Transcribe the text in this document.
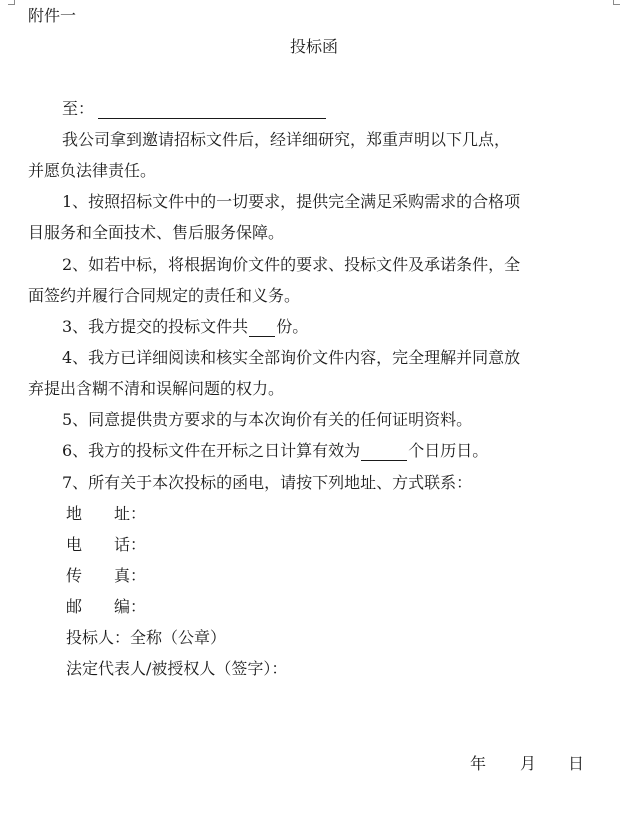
附件一
投标函
至：
我公司拿到邀请招标文件后，经详细研究，郑重声明以下几点，
并愿负法律责任。
1、按照招标文件中的一切要求，提供完全满足采购需求的合格项
目服务和全面技术、售后服务保障。
2、如若中标，将根据询价文件的要求、投标文件及承诺条件，全
面签约并履行合同规定的责任和义务。
3、我方提交的投标文件共 份。
4、我方已详细阅读和核实全部询价文件内容，完全理解并同意放
弃提出含糊不清和误解问题的权力。
5、同意提供贵方要求的与本次询价有关的任何证明资料。
6、我方的投标文件在开标之日计算有效为	个日历日。
7、所有关于本次投标的函电，请按下列地址、方式联系：
地　　址：
电　　话：
传　　真：
邮　　编：
投标人：全称（公章）
法定代表人/被授权人（签字）：
年 月 日
